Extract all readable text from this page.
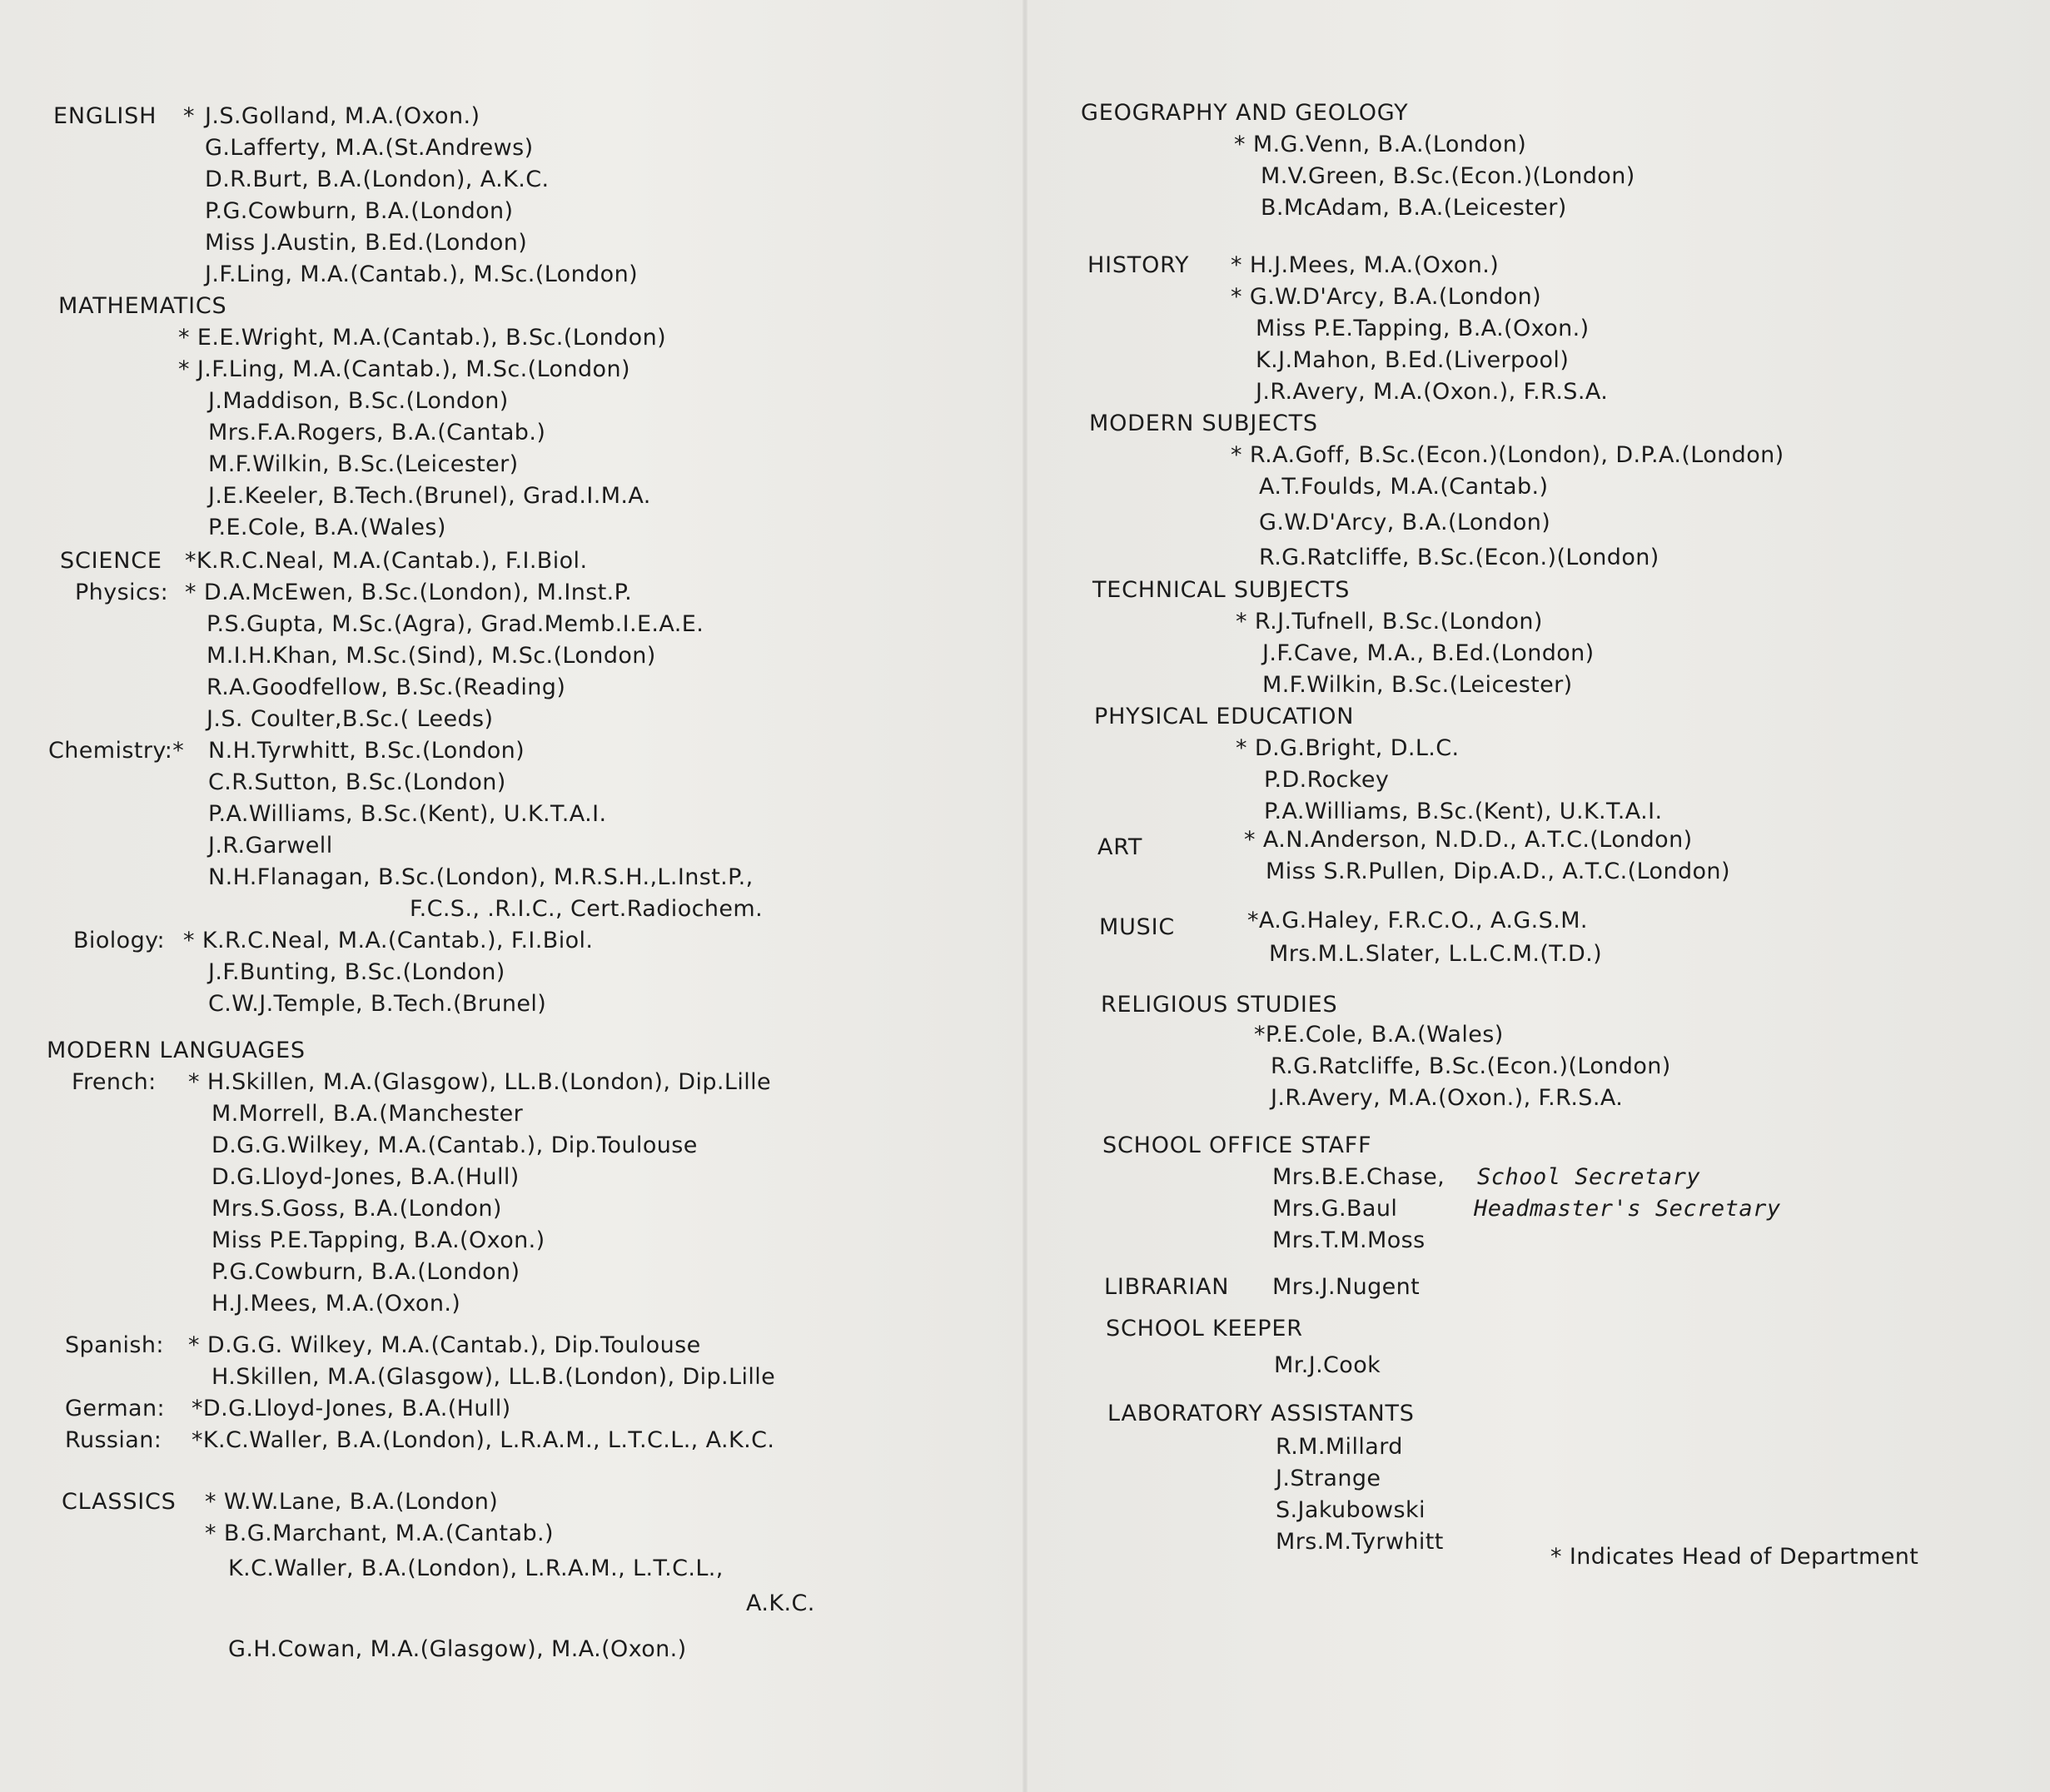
ENGLISH * J.S.Golland, M.A.(Oxon.)
G.Lafferty, M.A.(St.Andrews)
D.R.Burt, B.A.(London), A.K.C.
P.G.Cowburn, B.A.(London)
Miss J.Austin, B.Ed.(London)
J.F.Ling, M.A.(Cantab.), M.Sc.(London)
MATHEMATICS
* E.E.Wright, M.A.(Cantab.), B.Sc.(London)
* J.F.Ling, M.A.(Cantab.), M.Sc.(London)
J.Maddison, B.Sc.(London)
Mrs.F.A.Rogers, B.A.(Cantab.)
M.F.Wilkin, B.Sc.(Leicester)
J.E.Keeler, B.Tech.(Brunel), Grad.I.M.A.
P.E.Cole, B.A.(Wales)
SCIENCE *K.R.C.Neal, M.A.(Cantab.), F.I.Biol.
Physics: * D.A.McEwen, B.Sc.(London), M.Inst.P.
P.S.Gupta, M.Sc.(Agra), Grad.Memb.I.E.A.E.
M.I.H.Khan, M.Sc.(Sind), M.Sc.(London)
R.A.Goodfellow, B.Sc.(Reading)
J.S. Coulter,B.Sc.( Leeds)
Chemistry:* N.H.Tyrwhitt, B.Sc.(London)
C.R.Sutton, B.Sc.(London)
P.A.Williams, B.Sc.(Kent), U.K.T.A.I.
J.R.Garwell
N.H.Flanagan, B.Sc.(London), M.R.S.H.,L.Inst.P.,
F.C.S., .R.I.C., Cert.Radiochem.
Biology: * K.R.C.Neal, M.A.(Cantab.), F.I.Biol.
J.F.Bunting, B.Sc.(London)
C.W.J.Temple, B.Tech.(Brunel)
MODERN LANGUAGES
French: * H.Skillen, M.A.(Glasgow), LL.B.(London), Dip.Lille
M.Morrell, B.A.(Manchester
D.G.G.Wilkey, M.A.(Cantab.), Dip.Toulouse
D.G.Lloyd-Jones, B.A.(Hull)
Mrs.S.Goss, B.A.(London)
Miss P.E.Tapping, B.A.(Oxon.)
P.G.Cowburn, B.A.(London)
H.J.Mees, M.A.(Oxon.)
Spanish: * D.G.G. Wilkey, M.A.(Cantab.), Dip.Toulouse
H.Skillen, M.A.(Glasgow), LL.B.(London), Dip.Lille
German: *D.G.Lloyd-Jones, B.A.(Hull)
Russian: *K.C.Waller, B.A.(London), L.R.A.M., L.T.C.L., A.K.C.
CLASSICS * W.W.Lane, B.A.(London)
* B.G.Marchant, M.A.(Cantab.)
K.C.Waller, B.A.(London), L.R.A.M., L.T.C.L.,
A.K.C.
G.H.Cowan, M.A.(Glasgow), M.A.(Oxon.)
GEOGRAPHY AND GEOLOGY
* M.G.Venn, B.A.(London)
M.V.Green, B.Sc.(Econ.)(London)
B.McAdam, B.A.(Leicester)
HISTORY * H.J.Mees, M.A.(Oxon.)
* G.W.D'Arcy, B.A.(London)
Miss P.E.Tapping, B.A.(Oxon.)
K.J.Mahon, B.Ed.(Liverpool)
J.R.Avery, M.A.(Oxon.), F.R.S.A.
MODERN SUBJECTS
* R.A.Goff, B.Sc.(Econ.)(London), D.P.A.(London)
A.T.Foulds, M.A.(Cantab.)
G.W.D'Arcy, B.A.(London)
R.G.Ratcliffe, B.Sc.(Econ.)(London)
TECHNICAL SUBJECTS
* R.J.Tufnell, B.Sc.(London)
J.F.Cave, M.A., B.Ed.(London)
M.F.Wilkin, B.Sc.(Leicester)
PHYSICAL EDUCATION
* D.G.Bright, D.L.C.
P.D.Rockey
P.A.Williams, B.Sc.(Kent), U.K.T.A.I.
ART	* A.N.Anderson, N.D.D., A.T.C.(London)
Miss S.R.Pullen, Dip.A.D., A.T.C.(London)
MUSIC	*A.G.Haley, F.R.C.O., A.G.S.M.
Mrs.M.L.Slater, L.L.C.M.(T.D.)
RELIGIOUS STUDIES
*P.E.Cole, B.A.(Wales)
R.G.Ratcliffe, B.Sc.(Econ.)(London)
J.R.Avery, M.A.(Oxon.), F.R.S.A.
SCHOOL OFFICE STAFF
Mrs.B.E.Chase, School Secretary
Mrs.G.Baul	Headmaster's Secretary
Mrs.T.M.Moss
LIBRARIAN Mrs.J.Nugent
SCHOOL KEEPER
Mr.J.Cook
LABORATORY ASSISTANTS
R.M.Millard
J.Strange
S.Jakubowski
Mrs.M.Tyrwhitt
* Indicates Head of Department
